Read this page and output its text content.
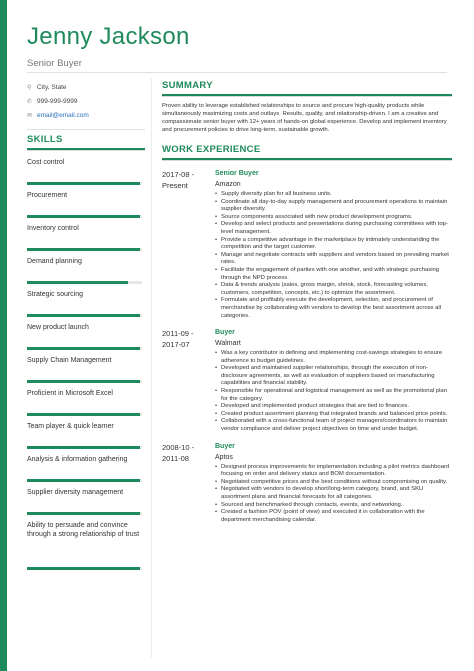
Jenny Jackson
Senior Buyer
⚲ City, State
✆ 999-999-9999
✉ email@email.com
SKILLS
Cost control
Procurement
Inventory control
Demand planning
Strategic sourcing
New product launch
Supply Chain Management
Proficient in Microsoft Excel
Team player & quick learner
Analysis & information gathering
Supplier diversity management
Ability to persuade and convince through a strong relationship of trust
SUMMARY

Proven ability to leverage established relationships to source and procure high-quality products while simultaneously maximizing costs and outlays. Results, quality, and relationship-driven. I am a creative and compassionate senior buyer with 12+ years of hands-on global experience. Develop and implement inventory and procurement policies to drive long-term, sustainable growth.

WORK EXPERIENCE
2017-08 -
Present
Senior Buyer
Amazon
• Supply diversity plan for all business units.
• Coordinate all day-to-day supply management and procurement operations to maintain supplier diversity.
• Source components associated with new product development programs.
• Develop and select products and presentations during purchasing committees with top-level management.
• Provide a competitive advantage in the marketplace by intimately understanding the competition and the target customer.
• Manage and negotiate contracts with suppliers and vendors based on prevailing market rates.
• Facilitate the engagement of parties with one another, and with strategic purchasing through the NPD process.
• Data & trends analysis (sales, gross margin, shrink, stock, forecasting volumes, customers, competition, concepts, etc.) to optimize the assortment.
• Formulate and profitably execute the development, selection, and procurement of merchandise by collaborating with vendors to develop the best assortment across all categories.
2011-09 -
2017-07
Buyer
Walmart
• Was a key contributor in defining and implementing cost-savings strategies to ensure adherence to budget guidelines.
• Developed and maintained supplier relationships, through the execution of non-disclosure agreements, as well as evaluation of suppliers based on manufacturing capabilities and financial stability.
• Responsible for operational and logistical management as well as the promotional plan for the category.
• Developed and implemented product strategies that are tied to finances.
• Created product assortment planning that integrated brands and balanced price points.
• Collaborated with a cross-functional team of project managers/coordinators to maintain vendor compliance and deliver project objectives on time and under budget.
2008-10 -
2011-08
Buyer
Aptos
• Designed process improvements for implementation including a pilot metrics dashboard focusing on order and delivery status and BOM documentation.
• Negotiated competitive prices and the best conditions without compromising on quality.
• Negotiated with vendors to develop short/long-term category, brand, and SKU assortment plans and financial forecasts for all categories.
• Sourced and benchmarked through contacts, events, and networking.
• Created a fashion POV (point of view) and executed it in collaboration with the department merchandising calendar.
